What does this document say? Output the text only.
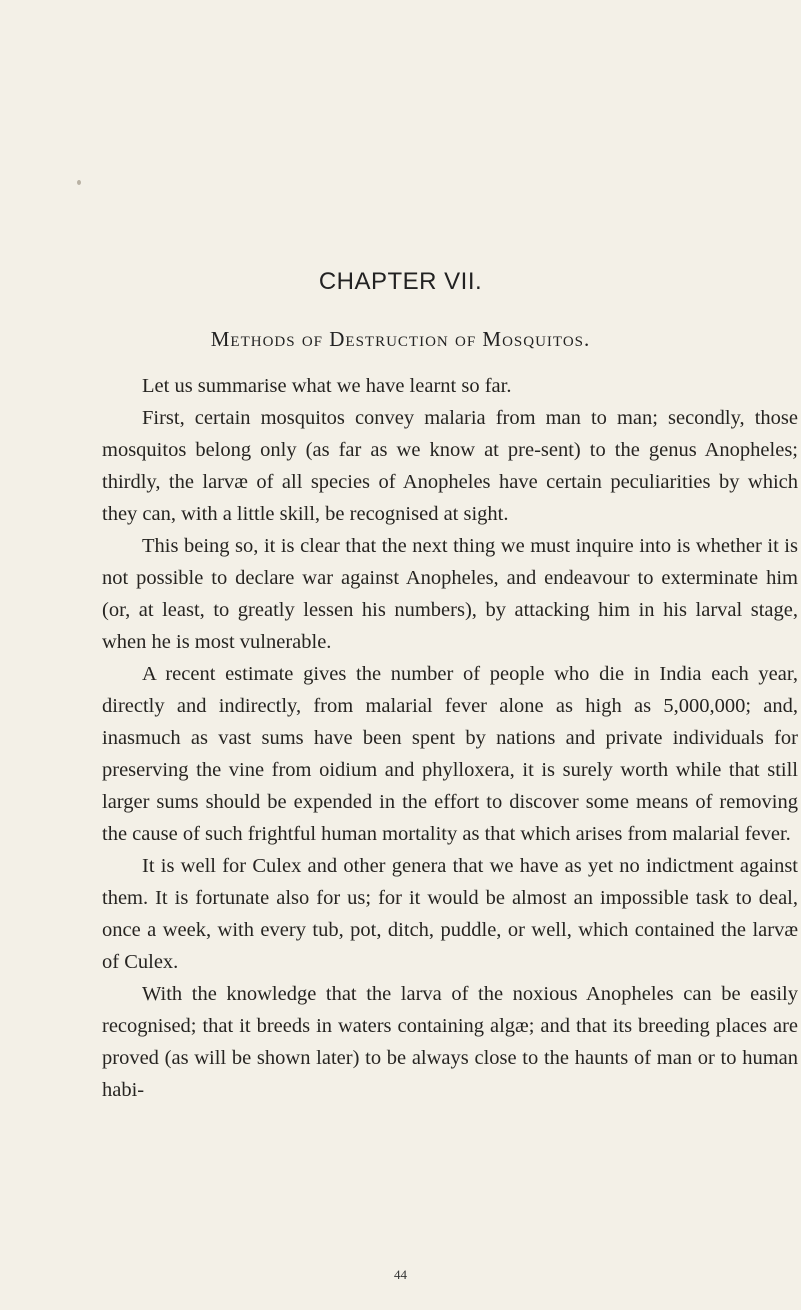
CHAPTER VII.
Methods of Destruction of Mosquitos.

Let us summarise what we have learnt so far.

First, certain mosquitos convey malaria from man to man; secondly, those mosquitos belong only (as far as we know at pre-sent) to the genus Anopheles; thirdly, the larvæ of all species of Anopheles have certain peculiarities by which they can, with a little skill, be recognised at sight.

This being so, it is clear that the next thing we must inquire into is whether it is not possible to declare war against Anopheles, and endeavour to exterminate him (or, at least, to greatly lessen his numbers), by attacking him in his larval stage, when he is most vulnerable.

A recent estimate gives the number of people who die in India each year, directly and indirectly, from malarial fever alone as high as 5,000,000; and, inasmuch as vast sums have been spent by nations and private individuals for preserving the vine from oidium and phylloxera, it is surely worth while that still larger sums should be expended in the effort to discover some means of removing the cause of such frightful human mortality as that which arises from malarial fever.

It is well for Culex and other genera that we have as yet no indictment against them. It is fortunate also for us; for it would be almost an impossible task to deal, once a week, with every tub, pot, ditch, puddle, or well, which contained the larvæ of Culex.

With the knowledge that the larva of the noxious Anopheles can be easily recognised; that it breeds in waters containing algæ; and that its breeding places are proved (as will be shown later) to be always close to the haunts of man or to human habi-

44
